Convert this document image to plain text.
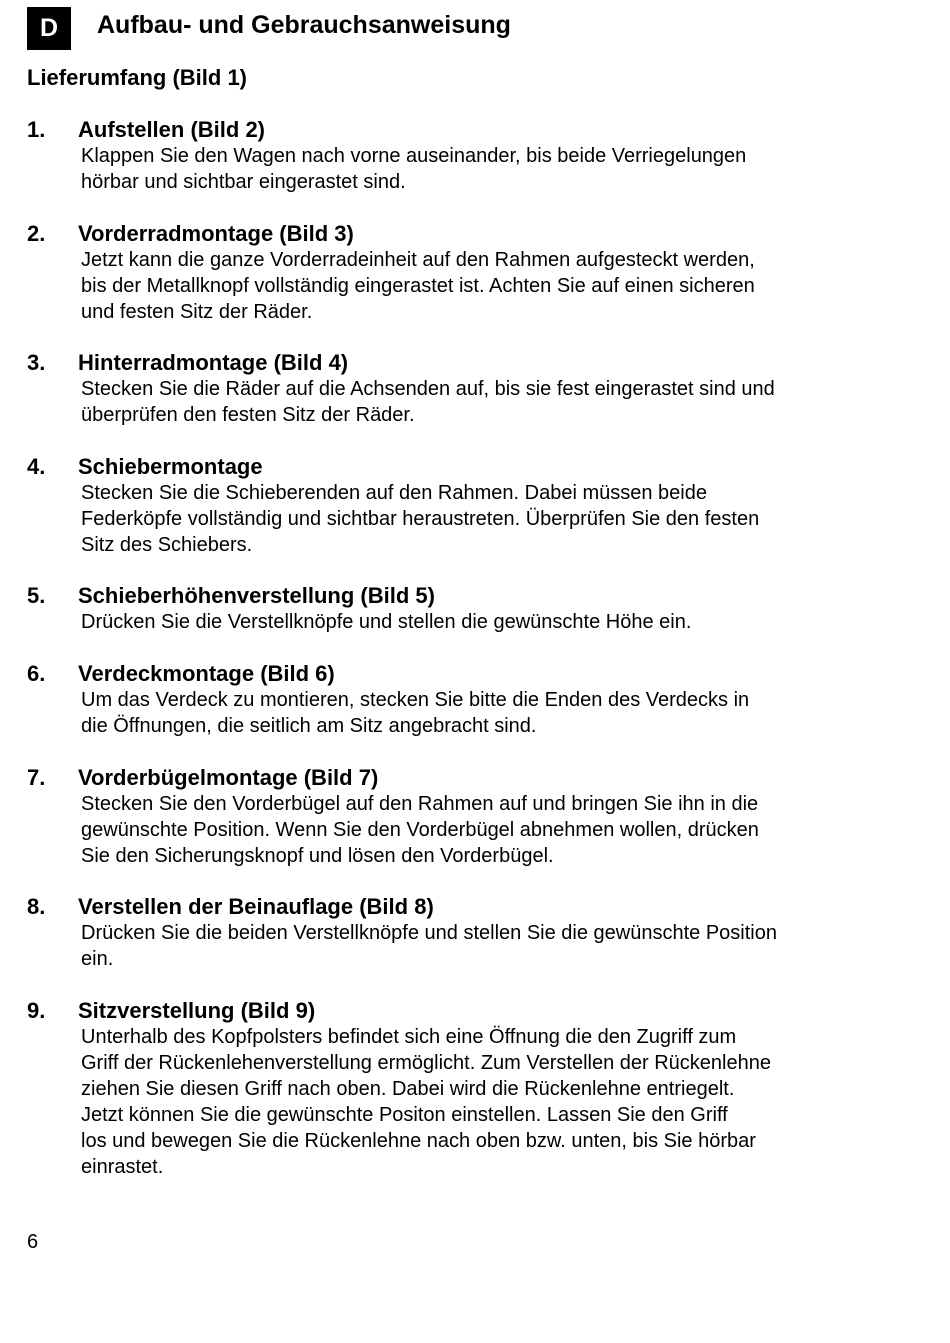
D	Aufbau- und Gebrauchsanweisung
Lieferumfang (Bild 1)
1. Aufstellen (Bild 2)
Klappen Sie den Wagen nach vorne auseinander, bis beide Verriegelungen
hörbar und sichtbar eingerastet sind.
2. Vorderradmontage (Bild 3)
Jetzt kann die ganze Vorderradeinheit auf den Rahmen aufgesteckt werden,
bis der Metallknopf vollständig eingerastet ist. Achten Sie auf einen sicheren
und festen Sitz der Räder.
3. Hinterradmontage (Bild 4)
Stecken Sie die Räder auf die Achsenden auf, bis sie fest eingerastet sind und
überprüfen den festen Sitz der Räder.
4. Schiebermontage
Stecken Sie die Schieberenden auf den Rahmen. Dabei müssen beide
Federköpfe vollständig und sichtbar heraustreten. Überprüfen Sie den festen
Sitz des Schiebers.
5. Schieberhöhenverstellung (Bild 5)
Drücken Sie die Verstellknöpfe und stellen die gewünschte Höhe ein.
6. Verdeckmontage (Bild 6)
Um das Verdeck zu montieren, stecken Sie bitte die Enden des Verdecks in
die Öffnungen, die seitlich am Sitz angebracht sind.
7. Vorderbügelmontage (Bild 7)
Stecken Sie den Vorderbügel auf den Rahmen auf und bringen Sie ihn in die
gewünschte Position. Wenn Sie den Vorderbügel abnehmen wollen, drücken
Sie den Sicherungsknopf und lösen den Vorderbügel.
8. Verstellen der Beinauflage (Bild 8)
Drücken Sie die beiden Verstellknöpfe und stellen Sie die gewünschte Position
ein.
9. Sitzverstellung (Bild 9)
Unterhalb des Kopfpolsters befindet sich eine Öffnung die den Zugriff zum
Griff der Rückenlehenverstellung ermöglicht. Zum Verstellen der Rückenlehne
ziehen Sie diesen Griff nach oben. Dabei wird die Rückenlehne entriegelt.
Jetzt können Sie die gewünschte Positon einstellen. Lassen Sie den Griff
los und bewegen Sie die Rückenlehne nach oben bzw. unten, bis Sie hörbar
einrastet.
6
